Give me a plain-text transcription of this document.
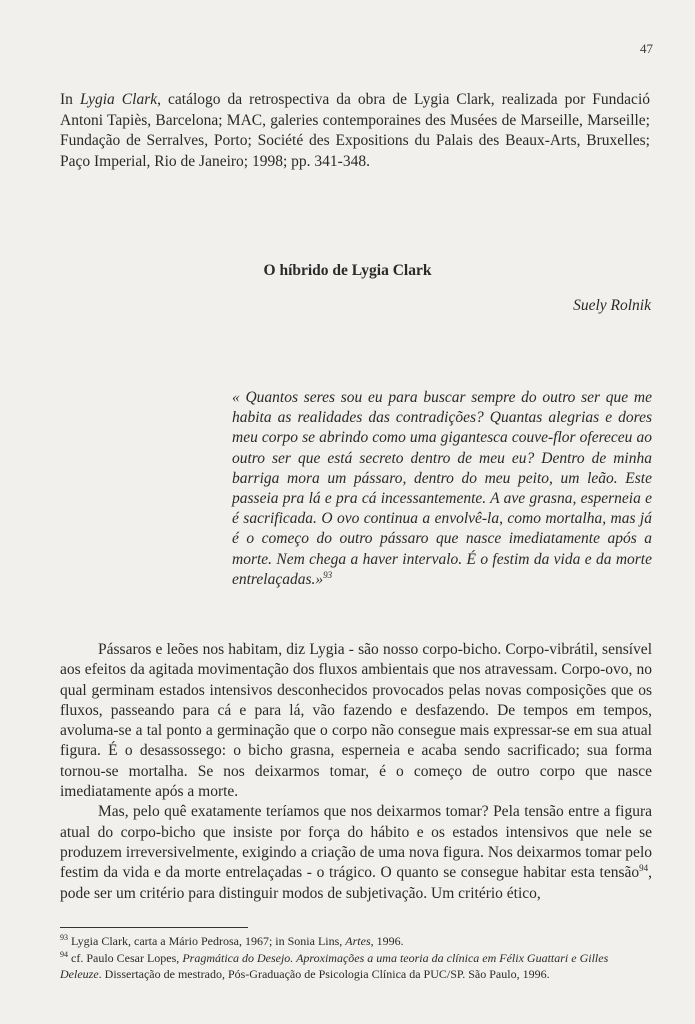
47
In Lygia Clark, catálogo da retrospectiva da obra de Lygia Clark, realizada por Fundació Antoni Tapiès, Barcelona; MAC, galeries contemporaines des Musées de Marseille, Marseille; Fundação de Serralves, Porto; Société des Expositions du Palais des Beaux-Arts, Bruxelles; Paço Imperial, Rio de Janeiro; 1998; pp. 341-348.
O híbrido de Lygia Clark
Suely Rolnik
« Quantos seres sou eu para buscar sempre do outro ser que me habita as realidades das contradições? Quantas alegrias e dores meu corpo se abrindo como uma gigantesca couve-flor ofereceu ao outro ser que está secreto dentro de meu eu? Dentro de minha barriga mora um pássaro, dentro do meu peito, um leão. Este passeia pra lá e pra cá incessantemente. A ave grasna, esperneia e é sacrificada. O ovo continua a envolvê-la, como mortalha, mas já é o começo do outro pássaro que nasce imediatamente após a morte. Nem chega a haver intervalo. É o festim da vida e da morte entrelaçadas.»$^{93}$

Pássaros e leões nos habitam, diz Lygia - são nosso corpo-bicho. Corpo-vibrátil, sensível aos efeitos da agitada movimentação dos fluxos ambientais que nos atravessam. Corpo-ovo, no qual germinam estados intensivos desconhecidos provocados pelas novas composições que os fluxos, passeando para cá e para lá, vão fazendo e desfazendo. De tempos em tempos, avoluma-se a tal ponto a germinação que o corpo não consegue mais expressar-se em sua atual figura. É o desassossego: o bicho grasna, esperneia e acaba sendo sacrificado; sua forma tornou-se mortalha. Se nos deixarmos tomar, é o começo de outro corpo que nasce imediatamente após a morte.

Mas, pelo quê exatamente teríamos que nos deixarmos tomar? Pela tensão entre a figura atual do corpo-bicho que insiste por força do hábito e os estados intensivos que nele se produzem irreversivelmente, exigindo a criação de uma nova figura. Nos deixarmos tomar pelo festim da vida e da morte entrelaçadas - o trágico. O quanto se consegue habitar esta tensão$^{94}$, pode ser um critério para distinguir modos de subjetivação. Um critério ético,

$^{93}$ Lygia Clark, carta a Mário Pedrosa, 1967; in Sonia Lins, Artes, 1996.

$^{94}$ cf. Paulo Cesar Lopes, Pragmática do Desejo. Aproximações a uma teoria da clínica em Félix Guattari e Gilles Deleuze. Dissertação de mestrado, Pós-Graduação de Psicologia Clínica da PUC/SP. São Paulo, 1996.
